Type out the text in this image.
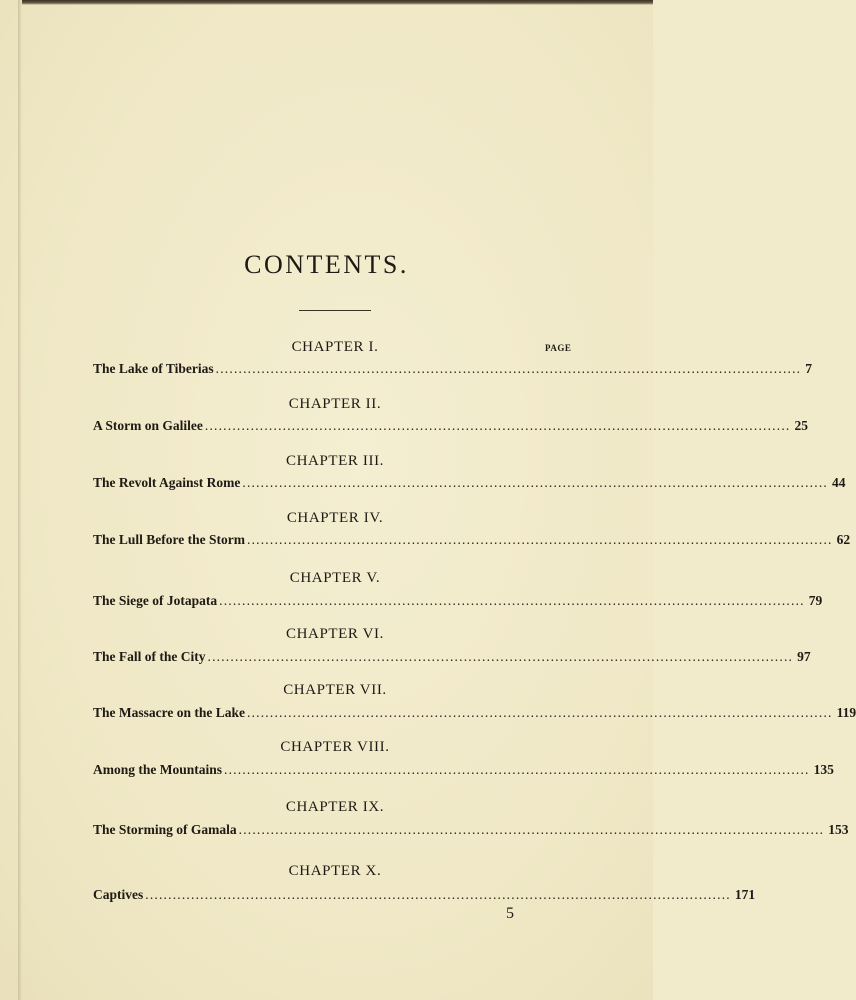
CONTENTS.
PAGE
CHAPTER I.
The Lake of Tiberias ................................................................................................................................ 7
CHAPTER II.
A Storm on Galilee ................................................................................................................................ 25
CHAPTER III.
The Revolt Against Rome ................................................................................................................................ 44
CHAPTER IV.
The Lull Before the Storm ................................................................................................................................ 62
CHAPTER V.
The Siege of Jotapata ................................................................................................................................ 79
CHAPTER VI.
The Fall of the City ................................................................................................................................ 97
CHAPTER VII.
The Massacre on the Lake ................................................................................................................................ 119
CHAPTER VIII.
Among the Mountains ................................................................................................................................ 135
CHAPTER IX.
The Storming of Gamala ................................................................................................................................ 153
CHAPTER X.
Captives ................................................................................................................................ 171
5
